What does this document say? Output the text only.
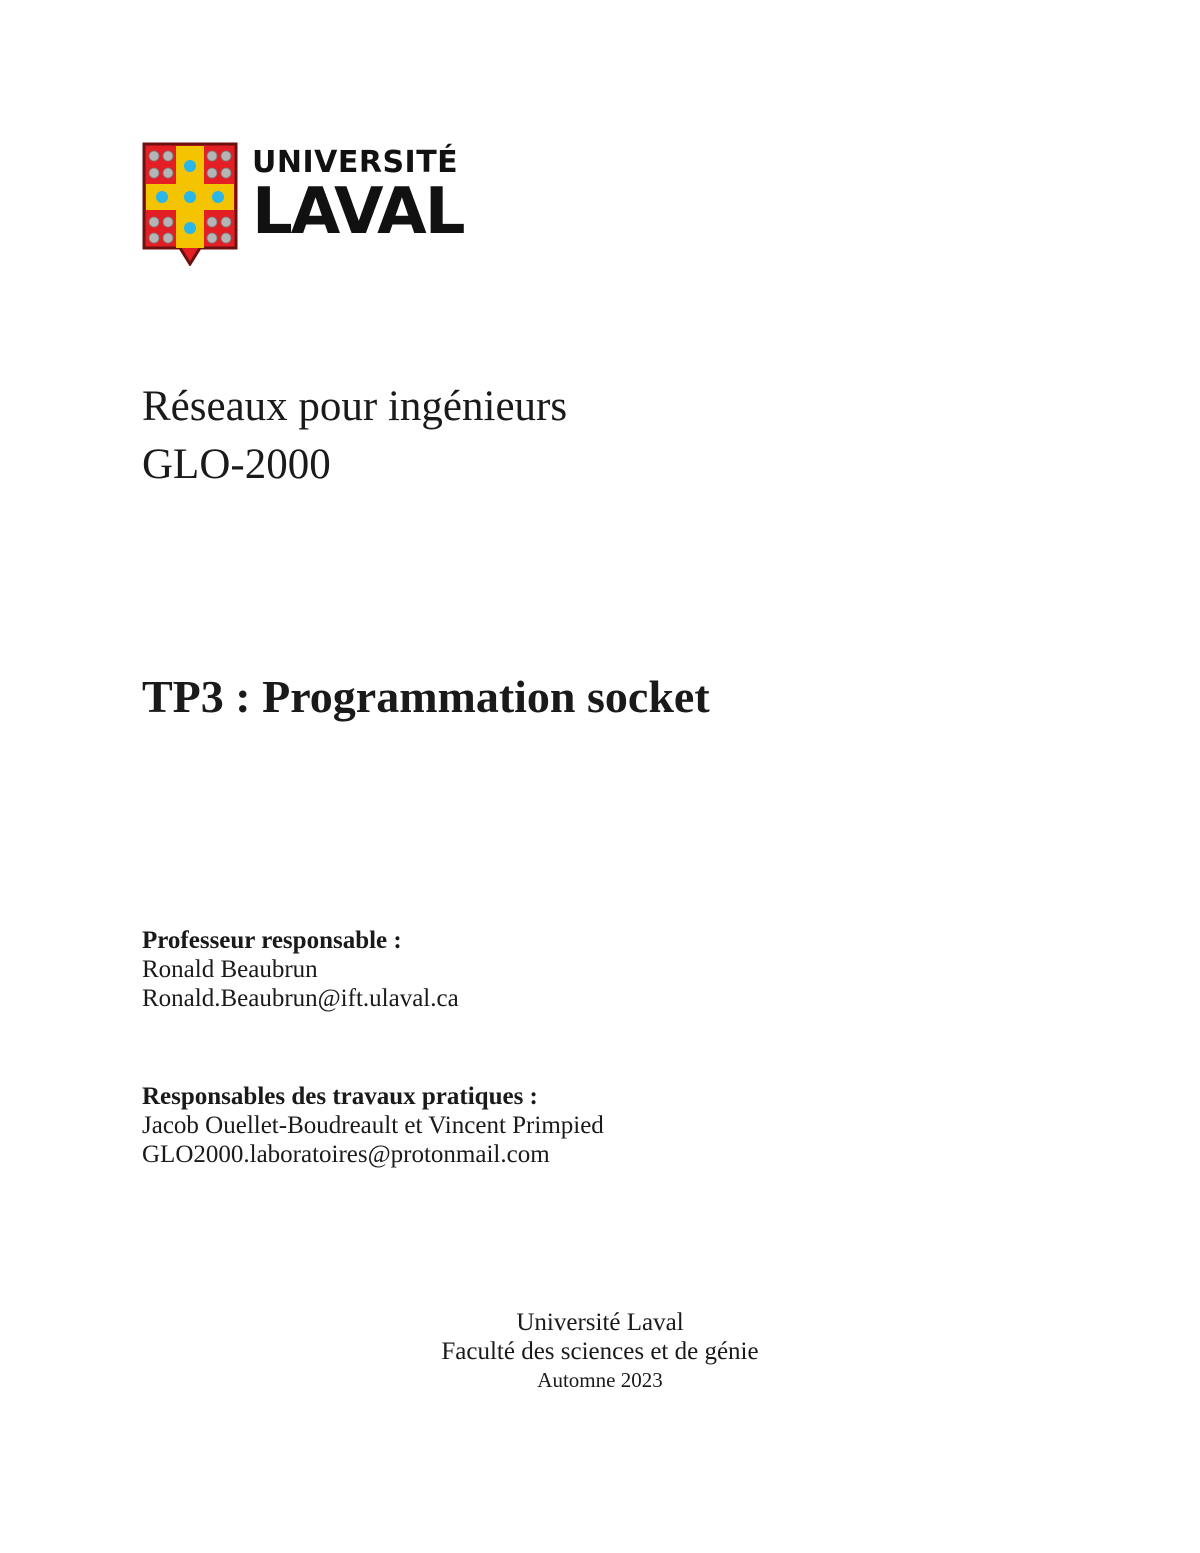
UNIVERSITÉ
LAVAL
Réseaux pour ingénieurs
GLO-2000
TP3 : Programmation socket
Professeur responsable :
Ronald Beaubrun
Ronald.Beaubrun@ift.ulaval.ca
Responsables des travaux pratiques :
Jacob Ouellet-Boudreault et Vincent Primpied
GLO2000.laboratoires@protonmail.com
Université Laval
Faculté des sciences et de génie
Automne 2023
